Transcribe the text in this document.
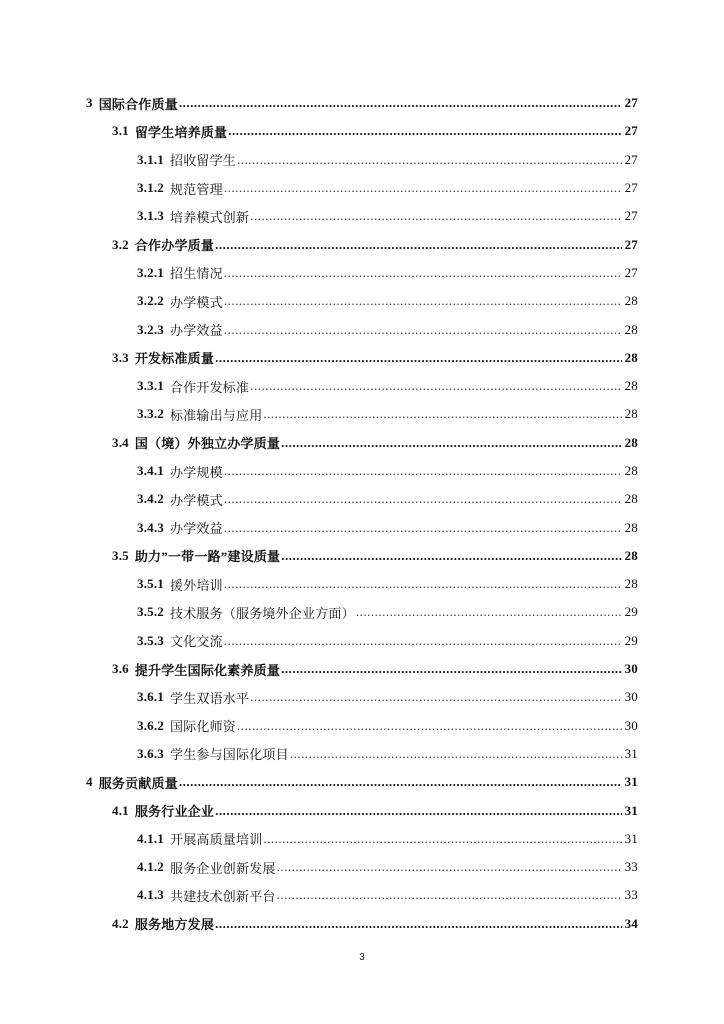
3 国际合作质量 .....	27
3.1 留学生培养质量 .....	27
3.1.1 招收留学生 .....	27
3.1.2 规范管理 .....	27
3.1.3 培养模式创新 .....	27
3.2 合作办学质量 .....	27
3.2.1 招生情况 .....	27
3.2.2 办学模式 .....	28
3.2.3 办学效益 .....	28
3.3 开发标准质量 .....	28
3.3.1 合作开发标准 .....	28
3.3.2 标准输出与应用 .....	28
3.4 国（境）外独立办学质量 .....	28
3.4.1 办学规模 .....	28
3.4.2 办学模式 .....	28
3.4.3 办学效益 .....	28
3.5 助力”一带一路”建设质量 .....	28
3.5.1 援外培训 .....	28
3.5.2 技术服务（服务境外企业方面） .....	29
3.5.3 文化交流 .....	29
3.6 提升学生国际化素养质量 .....	30
3.6.1 学生双语水平 .....	30
3.6.2 国际化师资 .....	30
3.6.3 学生参与国际化项目 .....	31
4 服务贡献质量 .....	31
4.1 服务行业企业 .....	31
4.1.1 开展高质量培训 .....	31
4.1.2 服务企业创新发展 .....	33
4.1.3 共建技术创新平台 .....	33
4.2 服务地方发展 .....	34
3
